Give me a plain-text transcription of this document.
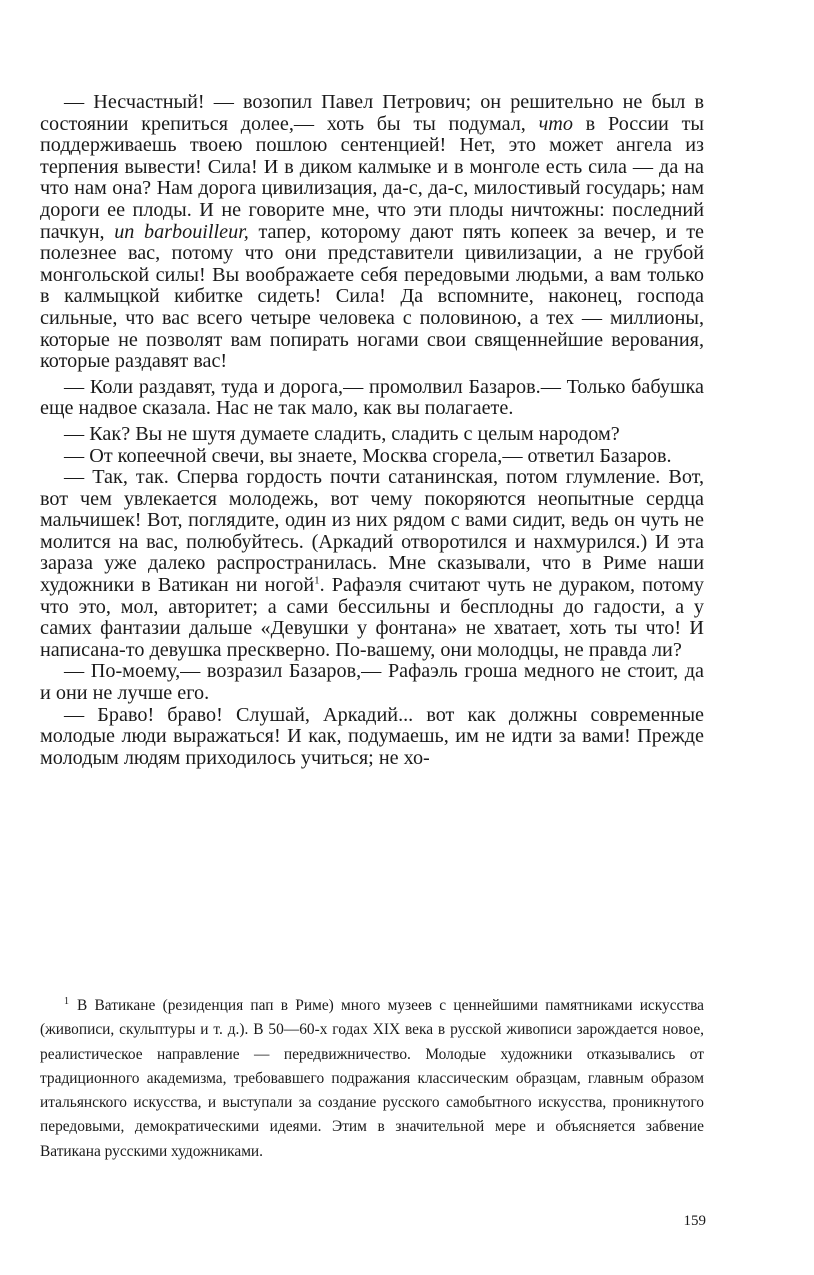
— Несчастный! — возопил Павел Петрович; он решительно не был в состоянии крепиться долее,— хоть бы ты подумал, что в России ты поддерживаешь твоею пошлою сентенцией! Нет, это может ангела из терпения вывести! Сила! И в диком калмыке и в монголе есть сила — да на что нам она? Нам дорога цивилизация, да-с, да-с, милостивый государь; нам дороги ее плоды. И не говорите мне, что эти плоды ничтожны: последний пачкун, un barbouilleur, тапер, которому дают пять копеек за вечер, и те полезнее вас, потому что они представители цивилизации, а не грубой монгольской силы! Вы воображаете себя передовыми людьми, а вам только в калмыцкой кибитке сидеть! Сила! Да вспомните, наконец, господа сильные, что вас всего четыре человека с половиною, а тех — миллионы, которые не позволят вам попирать ногами свои священнейшие верования, которые раздавят вас!

— Коли раздавят, туда и дорога,— промолвил Базаров.— Только бабушка еще надвое сказала. Нас не так мало, как вы полагаете.

— Как? Вы не шутя думаете сладить, сладить с целым народом?

— От копеечной свечи, вы знаете, Москва сгорела,— ответил Базаров.

— Так, так. Сперва гордость почти сатанинская, потом глумление. Вот, вот чем увлекается молодежь, вот чему покоряются неопытные сердца мальчишек! Вот, поглядите, один из них рядом с вами сидит, ведь он чуть не молится на вас, полюбуйтесь. (Аркадий отворотился и нахмурился.) И эта зараза уже далеко распространилась. Мне сказывали, что в Риме наши художники в Ватикан ни ногой$^1$. Рафаэля считают чуть не дураком, потому что это, мол, авторитет; а сами бессильны и бесплодны до гадости, а у самих фантазии дальше «Девушки у фонтана» не хватает, хоть ты что! И написана-то девушка прескверно. По-вашему, они молодцы, не правда ли?

— По-моему,— возразил Базаров,— Рафаэль гроша медного не стоит, да и они не лучше его.

— Браво! браво! Слушай, Аркадий... вот как должны современные молодые люди выражаться! И как, подумаешь, им не идти за вами! Прежде молодым людям приходилось учиться; не хо-

$^1$ В Ватикане (резиденция пап в Риме) много музеев с ценнейшими памятниками искусства (живописи, скульптуры и т. д.). В 50—60-х годах XIX века в русской живописи зарождается новое, реалистическое направление — передвижничество. Молодые художники отказывались от традиционного академизма, требовавшего подражания классическим образцам, главным образом итальянского искусства, и выступали за создание русского самобытного искусства, проникнутого передовыми, демократическими идеями. Этим в значительной мере и объясняется забвение Ватикана русскими художниками.

159
